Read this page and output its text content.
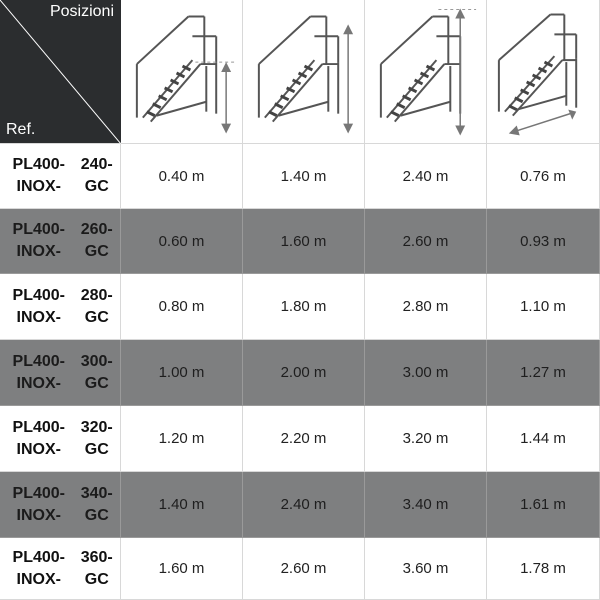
Posizioni
Ref.
PL400-INOX-
240-GC
0.40 m	1.40 m	2.40 m	0.76 m
PL400-INOX-
260-GC
0.60 m	1.60 m	2.60 m	0.93 m
PL400-INOX-
280-GC
0.80 m	1.80 m	2.80 m	1.10 m
PL400-INOX-
300-GC
1.00 m	2.00 m	3.00 m	1.27 m
PL400-INOX-
320-GC
1.20 m	2.20 m	3.20 m	1.44 m
PL400-INOX-
340-GC
1.40 m	2.40 m	3.40 m	1.61 m
PL400-INOX-
360-GC
1.60 m	2.60 m	3.60 m	1.78 m
